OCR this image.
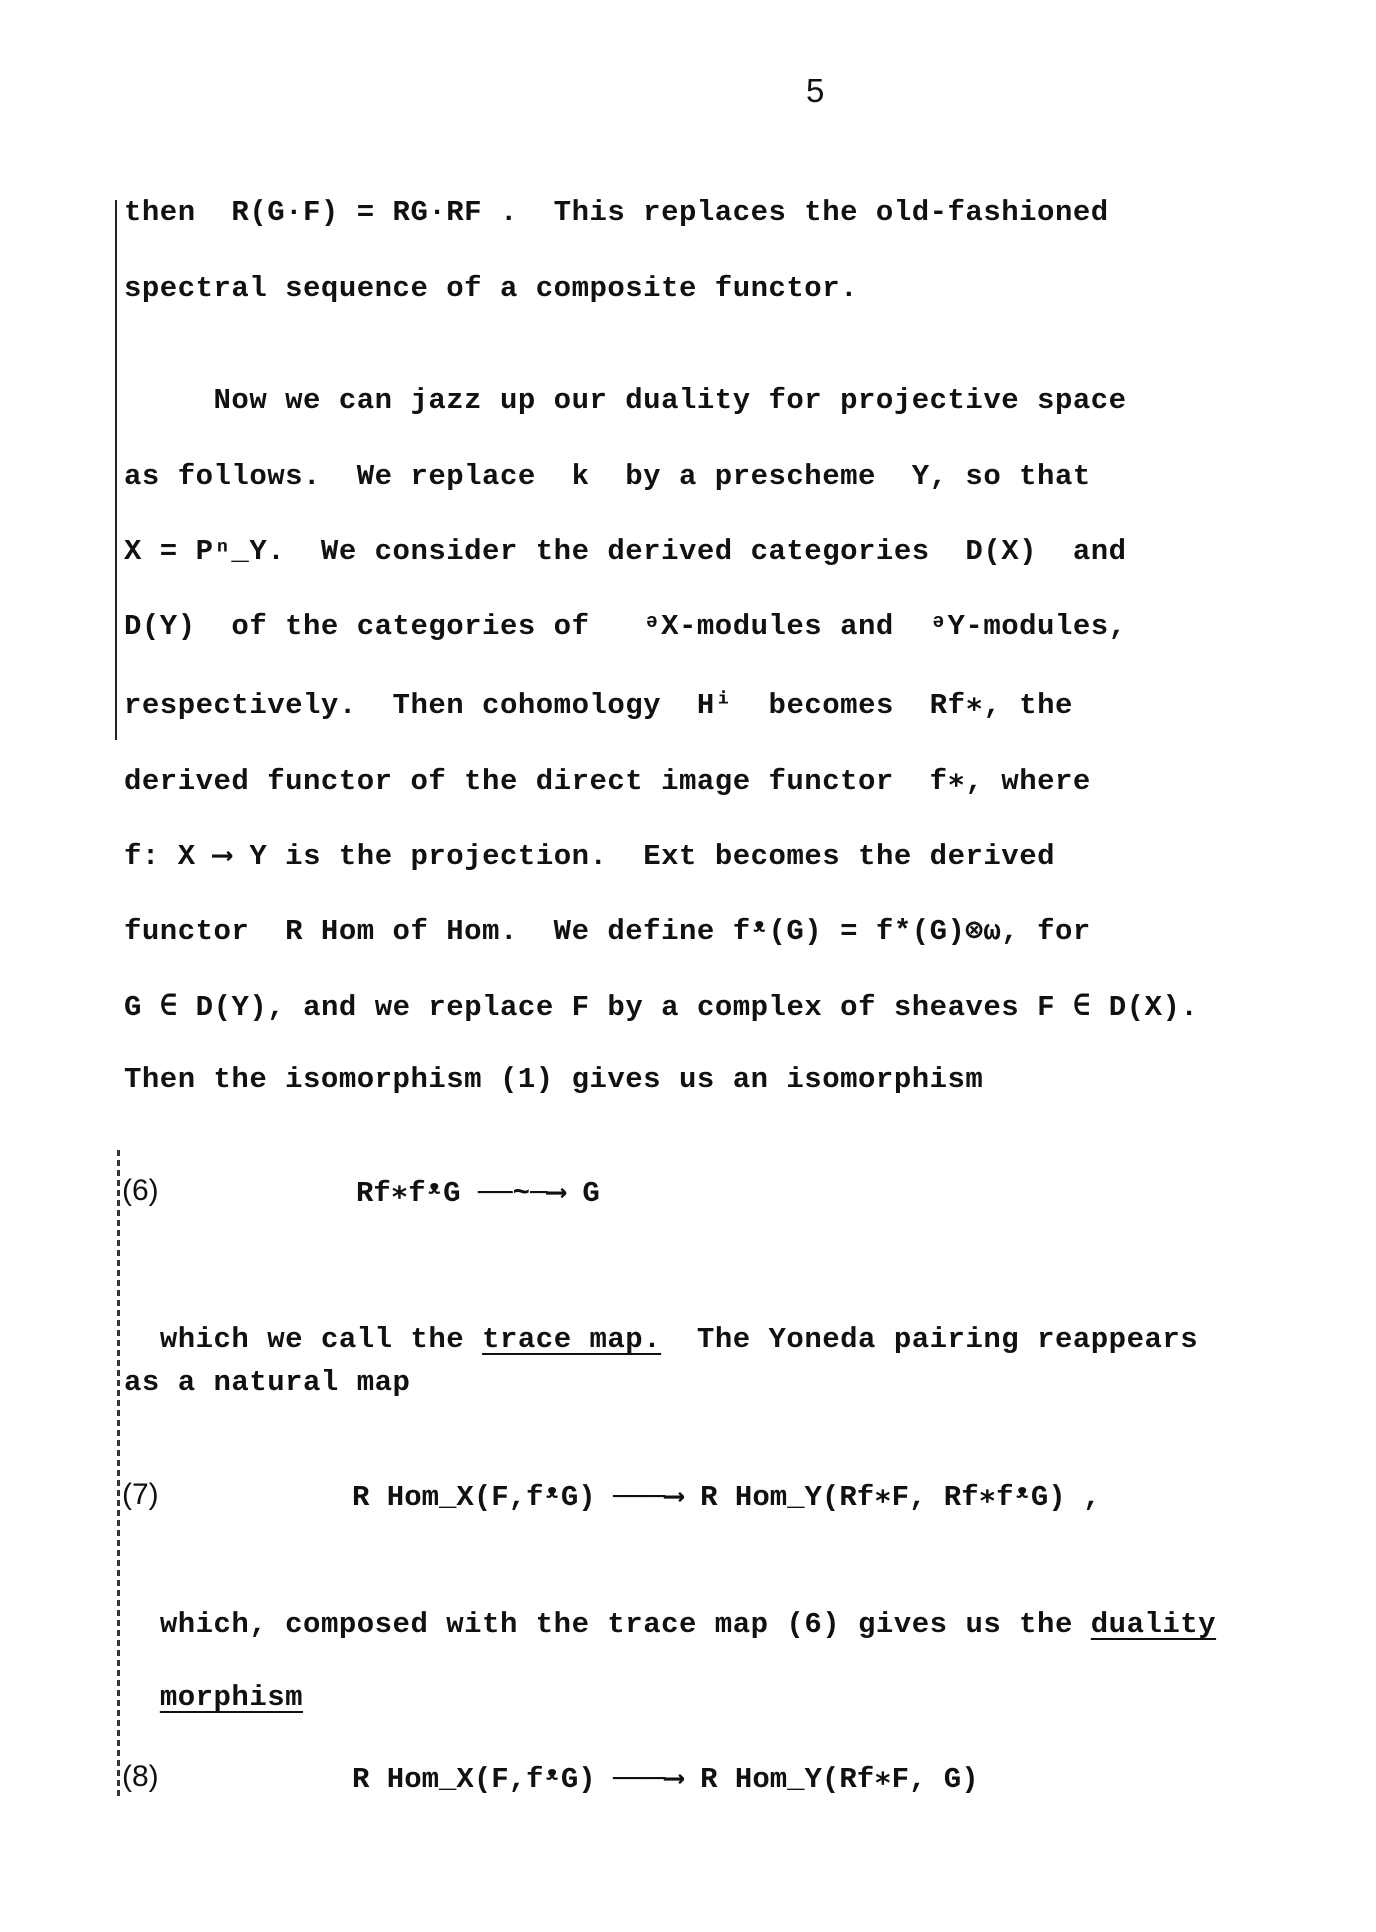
5
then  R(G·F) = RG·RF .  This replaces the old-fashioned
spectral sequence of a composite functor.
Now we can jazz up our duality for projective space
as follows.  We replace  k  by a prescheme  Y, so that
X = Pⁿ_Y.  We consider the derived categories  D(X)  and
D(Y)  of the categories of   ᵊX-modules and  ᵊY-modules,
respectively.  Then cohomology  Hⁱ  becomes  Rf∗, the
derived functor of the direct image functor  f∗, where
f: X ⟶ Y is the projection.  Ext becomes the derived
functor  R Hom of Hom.  We define fᵜ(G) = f*(G)⊗ω, for
G ∈ D(Y), and we replace F by a complex of sheaves F ∈ D(X).
Then the isomorphism (1) gives us an isomorphism
(6)	Rf∗fᵜG ──~─⟶ G

which we call the trace map.  The Yoneda pairing reappears

as a natural map
(7)	R Hom_X(F,fᵜG) ───⟶ R Hom_Y(Rf∗F, Rf∗fᵜG) ,

which, composed with the trace map (6) gives us the duality

morphism

(8)	R Hom_X(F,fᵜG) ───⟶ R Hom_Y(Rf∗F, G)
